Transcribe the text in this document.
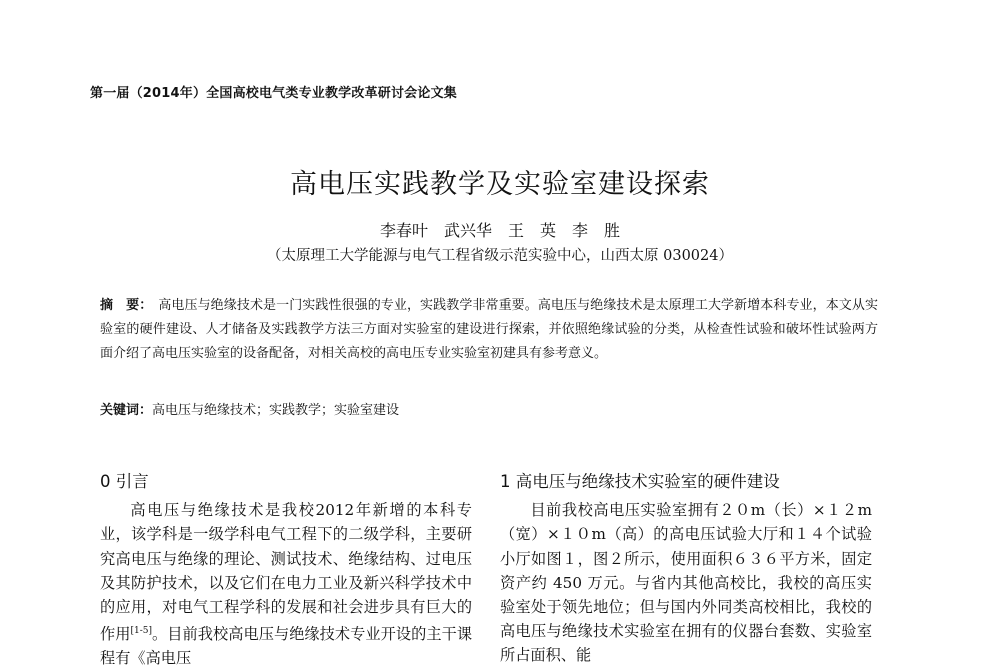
第一届（2014年）全国高校电气类专业教学改革研讨会论文集
高电压实践教学及实验室建设探索
李春叶　武兴华　王　英　李　胜
（太原理工大学能源与电气工程省级示范实验中心，山西太原 030024）
摘　要： 高电压与绝缘技术是一门实践性很强的专业，实践教学非常重要。高电压与绝缘技术是太原理工大学新增本科专业，本文从实验室的硬件建设、人才储备及实践教学方法三方面对实验室的建设进行探索，并依照绝缘试验的分类，从检查性试验和破坏性试验两方面介绍了高电压实验室的设备配备，对相关高校的高电压专业实验室初建具有参考意义。
关键词：高电压与绝缘技术；实践教学；实验室建设
0 引言

高电压与绝缘技术是我校2012年新增的本科专业，该学科是一级学科电气工程下的二级学科，主要研究高电压与绝缘的理论、测试技术、绝缘结构、过电压及其防护技术，以及它们在电力工业及新兴科学技术中的应用，对电气工程学科的发展和社会进步具有巨大的作用[1-5]。目前我校高电压与绝缘技术专业开设的主干课程有《高电压

1 高电压与绝缘技术实验室的硬件建设

目前我校高电压实验室拥有２０m（长）×１２m（宽）×１０m（高）的高电压试验大厅和１４个试验小厅如图１，图２所示，使用面积６３６平方米，固定资产约 450 万元。与省内其他高校比，我校的高压实验室处于领先地位；但与国内外同类高校相比，我校的高电压与绝缘技术实验室在拥有的仪器台套数、实验室所占面积、能
